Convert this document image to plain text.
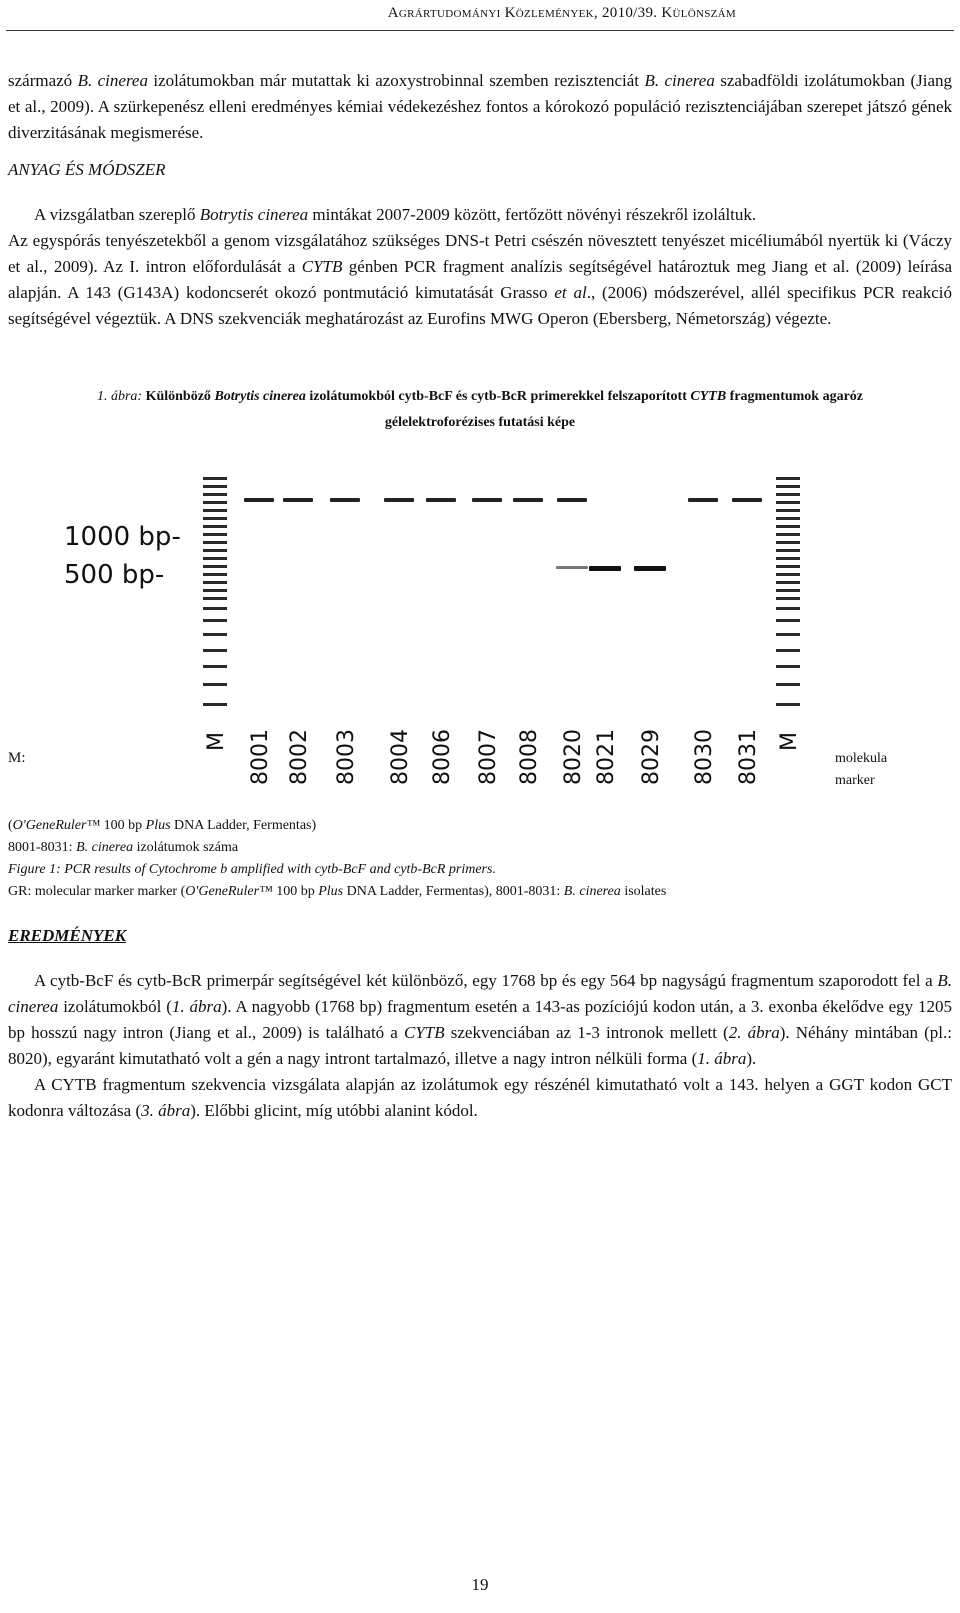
Agrártudományi Közlemények, 2010/39. Különszám

származó B. cinerea izolátumokban már mutattak ki azoxystrobinnal szemben rezisztenciát B. cinerea szabadföldi izolátumokban (Jiang et al., 2009). A szürkepenész elleni eredményes kémiai védekezéshez fontos a kórokozó populáció rezisztenciájában szerepet játszó gének diverzitásának megismerése.

ANYAG ÉS MÓDSZER

A vizsgálatban szereplő Botrytis cinerea mintákat 2007-2009 között, fertőzött növényi részekről izoláltuk.

Az egyspórás tenyészetekből a genom vizsgálatához szükséges DNS-t Petri csészén növesztett tenyészet micéliumából nyertük ki (Váczy et al., 2009). Az I. intron előfordulását a CYTB génben PCR fragment analízis segítségével határoztuk meg Jiang et al. (2009) leírása alapján. A 143 (G143A) kodoncserét okozó pontmutáció kimutatását Grasso et al., (2006) módszerével, allél specifikus PCR reakció segítségével végeztük. A DNS szekvenciák meghatározást az Eurofins MWG Operon (Ebersberg, Németország) végezte.

1. ábra: Különböző Botrytis cinerea izolátumokból cytb-BcF és cytb-BcR primerekkel felszaporított CYTB fragmentumok agaróz
gélelektroforézises futatási képe
M 8001 8002 8003 8004 8006 8007 8008 8020 8021 8029 8030 8031 M
1000 bp-
500 bp-
M:	molekula
marker
(O'GeneRuler™ 100 bp Plus DNA Ladder, Fermentas)
8001-8031: B. cinerea izolátumok száma
Figure 1: PCR results of Cytochrome b amplified with cytb-BcF and cytb-BcR primers.
GR: molecular marker marker (O'GeneRuler™ 100 bp Plus DNA Ladder, Fermentas), 8001-8031: B. cinerea isolates
EREDMÉNYEK

A cytb-BcF és cytb-BcR primerpár segítségével két különböző, egy 1768 bp és egy 564 bp nagyságú fragmentum szaporodott fel a B. cinerea izolátumokból (1. ábra). A nagyobb (1768 bp) fragmentum esetén a 143-as pozíciójú kodon után, a 3. exonba ékelődve egy 1205 bp hosszú nagy intron (Jiang et al., 2009) is található a CYTB szekvenciában az 1-3 intronok mellett (2. ábra). Néhány mintában (pl.: 8020), egyaránt kimutatható volt a gén a nagy intront tartalmazó, illetve a nagy intron nélküli forma (1. ábra).

A CYTB fragmentum szekvencia vizsgálata alapján az izolátumok egy részénél kimutatható volt a 143. helyen a GGT kodon GCT kodonra változása (3. ábra). Előbbi glicint, míg utóbbi alanint kódol.

19
